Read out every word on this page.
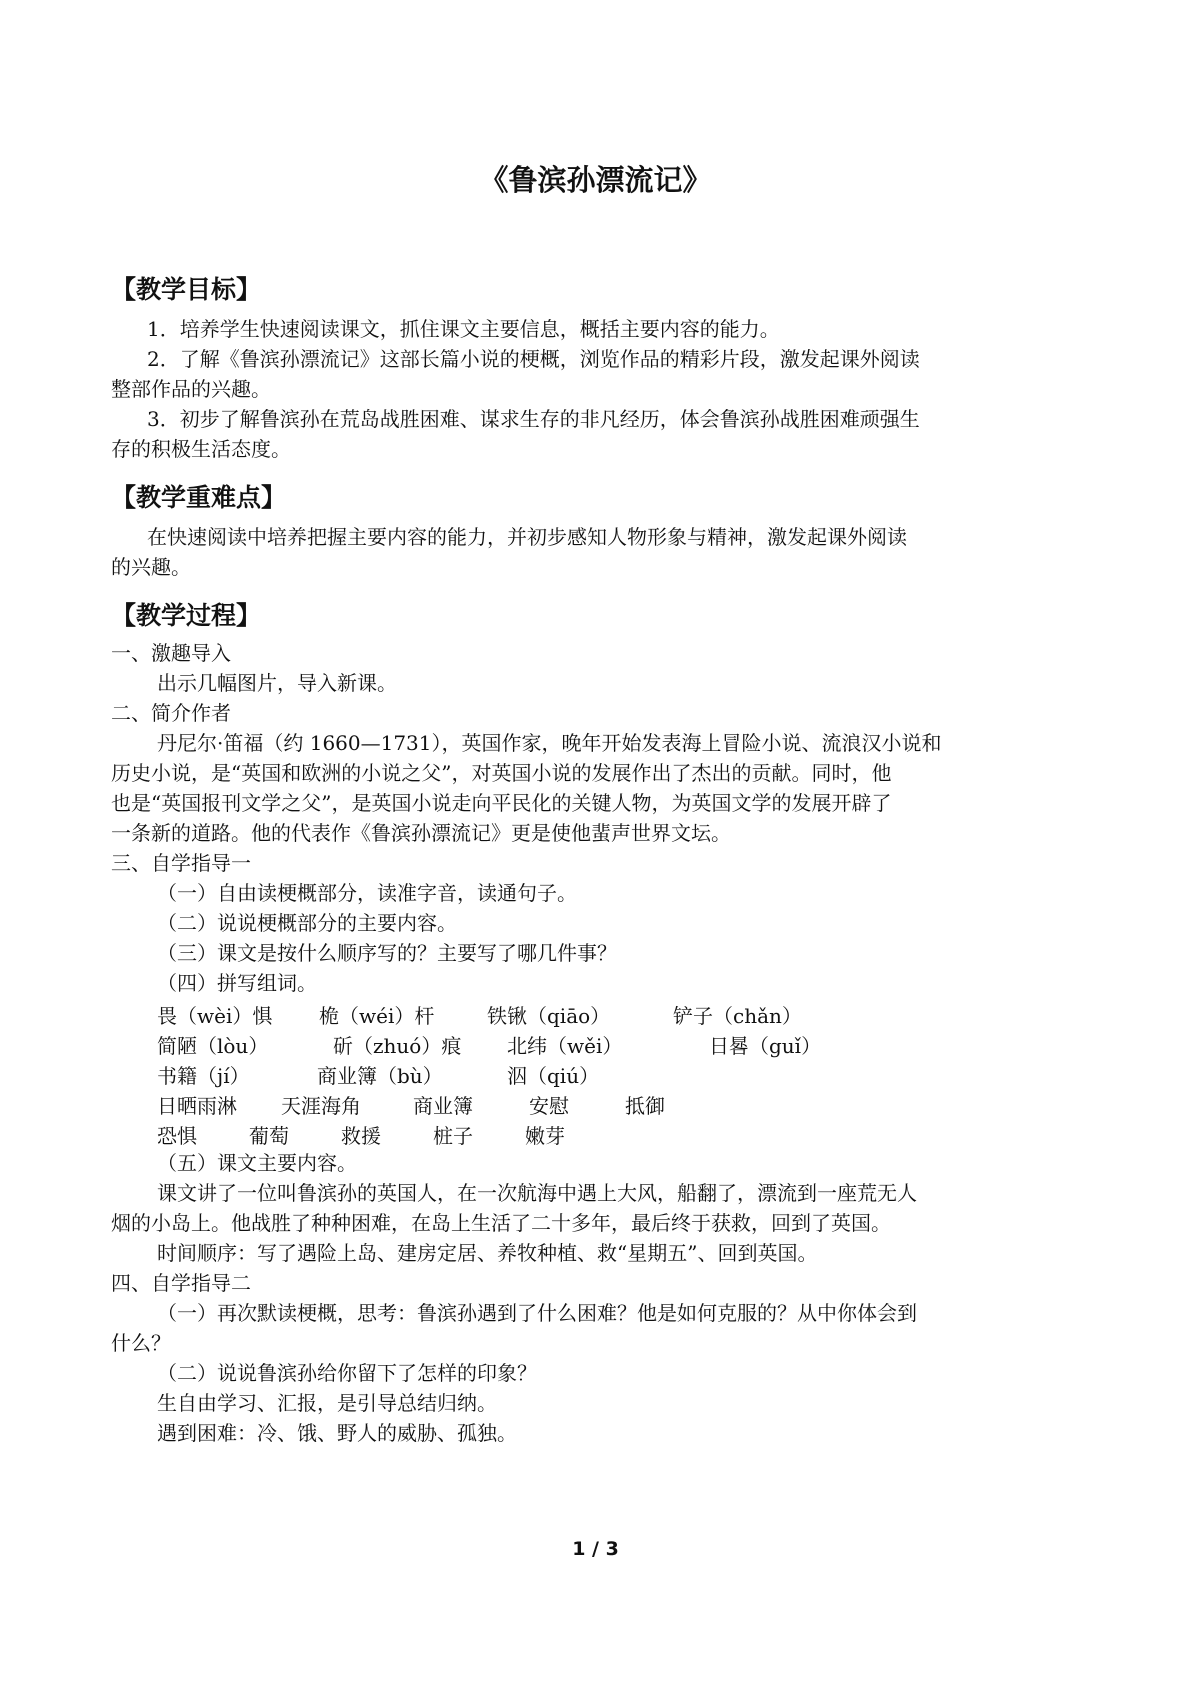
《鲁滨孙漂流记》
【教学目标】
1．培养学生快速阅读课文，抓住课文主要信息，概括主要内容的能力。
2．了解《鲁滨孙漂流记》这部长篇小说的梗概，浏览作品的精彩片段，激发起课外阅读
整部作品的兴趣。
3．初步了解鲁滨孙在荒岛战胜困难、谋求生存的非凡经历，体会鲁滨孙战胜困难顽强生
存的积极生活态度。
【教学重难点】
在快速阅读中培养把握主要内容的能力，并初步感知人物形象与精神，激发起课外阅读
的兴趣。
【教学过程】
一、激趣导入
出示几幅图片，导入新课。
二、简介作者
丹尼尔·笛福（约 1660—1731），英国作家，晚年开始发表海上冒险小说、流浪汉小说和
历史小说，是“英国和欧洲的小说之父”，对英国小说的发展作出了杰出的贡献。同时，他
也是“英国报刊文学之父”，是英国小说走向平民化的关键人物，为英国文学的发展开辟了
一条新的道路。他的代表作《鲁滨孙漂流记》更是使他蜚声世界文坛。
三、自学指导一
（一）自由读梗概部分，读准字音，读通句子。
（二）说说梗概部分的主要内容。
（三）课文是按什么顺序写的？主要写了哪几件事？
（四）拼写组词。
畏（wèi）惧 桅（wéi）杆	铁锹（qiāo）	铲子（chǎn）
简陋（lòu）	斫（zhuó）痕 北纬（wěi）	日晷（guǐ）
书籍（jí）	商业簿（bù）	泅（qiú）
日晒雨淋 天涯海角	商业簿	安慰	抵御
恐惧	葡萄	救援	桩子	嫩芽
（五）课文主要内容。
课文讲了一位叫鲁滨孙的英国人，在一次航海中遇上大风，船翻了，漂流到一座荒无人
烟的小岛上。他战胜了种种困难，在岛上生活了二十多年，最后终于获救，回到了英国。
时间顺序：写了遇险上岛、建房定居、养牧种植、救“星期五”、回到英国。
四、自学指导二
（一）再次默读梗概，思考：鲁滨孙遇到了什么困难？他是如何克服的？从中你体会到
什么？
（二）说说鲁滨孙给你留下了怎样的印象？
生自由学习、汇报，是引导总结归纳。
遇到困难：冷、饿、野人的威胁、孤独。
1 / 3
